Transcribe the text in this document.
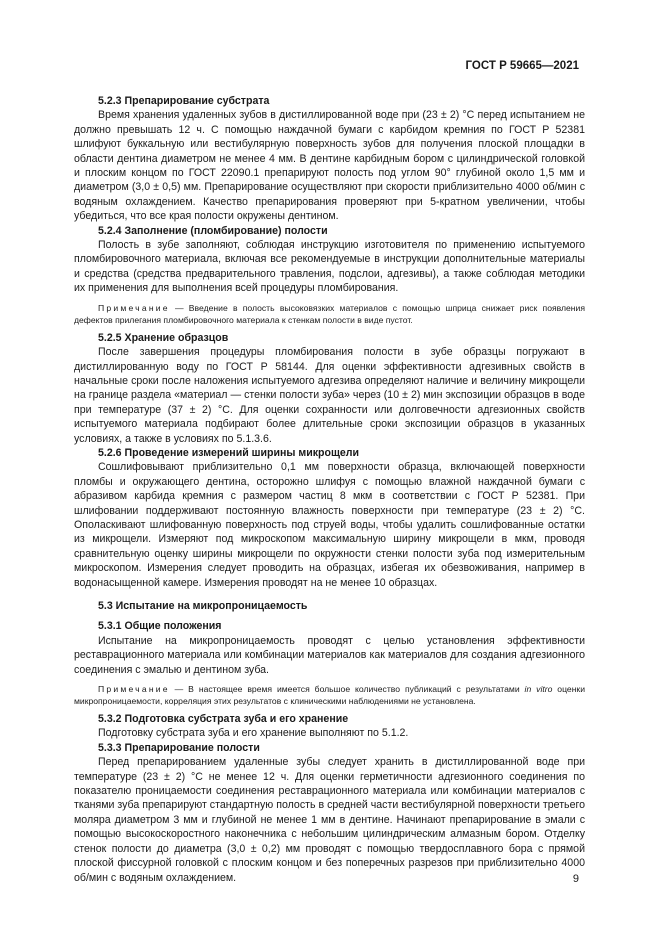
ГОСТ Р 59665—2021
5.2.3 Препарирование субстрата

Время хранения удаленных зубов в дистиллированной воде при (23 ± 2) °C перед испытанием не должно превышать 12 ч. С помощью наждачной бумаги с карбидом кремния по ГОСТ Р 52381 шлифуют буккальную или вестибулярную поверхность зубов для получения плоской площадки в области дентина диаметром не менее 4 мм. В дентине карбидным бором с цилиндрической головкой и плоским концом по ГОСТ 22090.1 препарируют полость под углом 90° глубиной около 1,5 мм и диаметром (3,0 ± 0,5) мм. Препарирование осуществляют при скорости приблизительно 4000 об/мин с водяным охлаждением. Качество препарирования проверяют при 5-кратном увеличении, чтобы убедиться, что все края полости окружены дентином.

5.2.4 Заполнение (пломбирование) полости

Полость в зубе заполняют, соблюдая инструкцию изготовителя по применению испытуемого пломбировочного материала, включая все рекомендуемые в инструкции дополнительные материалы и средства (средства предварительного травления, подслои, адгезивы), а также соблюдая методики их применения для выполнения всей процедуры пломбирования.

Примечание — Введение в полость высоковязких материалов с помощью шприца снижает риск появления дефектов прилегания пломбировочного материала к стенкам полости в виде пустот.
5.2.5 Хранение образцов

После завершения процедуры пломбирования полости в зубе образцы погружают в дистиллированную воду по ГОСТ Р 58144. Для оценки эффективности адгезивных свойств в начальные сроки после наложения испытуемого адгезива определяют наличие и величину микрощели на границе раздела «материал — стенки полости зуба» через (10 ± 2) мин экспозиции образцов в воде при температуре (37 ± 2) °C. Для оценки сохранности или долговечности адгезионных свойств испытуемого материала подбирают более длительные сроки экспозиции образцов в указанных условиях, а также в условиях по 5.1.3.6.

5.2.6 Проведение измерений ширины микрощели

Сошлифовывают приблизительно 0,1 мм поверхности образца, включающей поверхности пломбы и окружающего дентина, осторожно шлифуя с помощью влажной наждачной бумаги с абразивом карбида кремния с размером частиц 8 мкм в соответствии с ГОСТ Р 52381. При шлифовании поддерживают постоянную влажность поверхности при температуре (23 ± 2) °C. Ополаскивают шлифованную поверхность под струей воды, чтобы удалить сошлифованные остатки из микрощели. Измеряют под микроскопом максимальную ширину микрощели в мкм, проводя сравнительную оценку ширины микрощели по окружности стенки полости зуба под измерительным микроскопом. Измерения следует проводить на образцах, избегая их обезвоживания, например в водонасыщенной камере. Измерения проводят на не менее 10 образцах.

5.3 Испытание на микропроницаемость
5.3.1 Общие положения

Испытание на микропроницаемость проводят с целью установления эффективности реставрационного материала или комбинации материалов как материалов для создания адгезионного соединения с эмалью и дентином зуба.

Примечание — В настоящее время имеется большое количество публикаций с результатами in vitro оценки микропроницаемости, корреляция этих результатов с клиническими наблюдениями не установлена.
5.3.2 Подготовка субстрата зуба и его хранение

Подготовку субстрата зуба и его хранение выполняют по 5.1.2.

5.3.3 Препарирование полости

Перед препарированием удаленные зубы следует хранить в дистиллированной воде при температуре (23 ± 2) °C не менее 12 ч. Для оценки герметичности адгезионного соединения по показателю проницаемости соединения реставрационного материала или комбинации материалов с тканями зуба препарируют стандартную полость в средней части вестибулярной поверхности третьего моляра диаметром 3 мм и глубиной не менее 1 мм в дентине. Начинают препарирование в эмали с помощью высокоскоростного наконечника с небольшим цилиндрическим алмазным бором. Отделку стенок полости до диаметра (3,0 ± 0,2) мм проводят с помощью твердосплавного бора с прямой плоской фиссурной головкой с плоским концом и без поперечных разрезов при приблизительно 4000 об/мин с водяным охлаждением.	9
